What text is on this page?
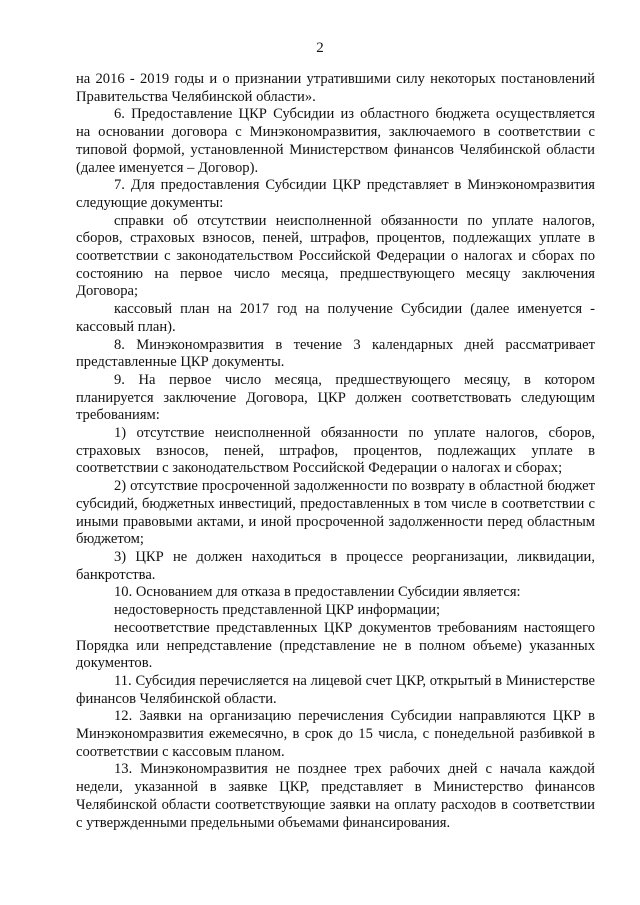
2

на 2016 - 2019 годы и о признании утратившими силу некоторых постановлений Правительства Челябинской области».

6. Предоставление ЦКР Субсидии из областного бюджета осуществляется на основании договора с Минэкономразвития, заключаемого в соответствии с типовой формой, установленной Министерством финансов Челябинской области (далее именуется – Договор).

7. Для предоставления Субсидии ЦКР представляет в Минэкономразвития следующие документы:

справки об отсутствии неисполненной обязанности по уплате налогов, сборов, страховых взносов, пеней, штрафов, процентов, подлежащих уплате в соответствии с законодательством Российской Федерации о налогах и сборах по состоянию на первое число месяца, предшествующего месяцу заключения Договора;

кассовый план на 2017 год на получение Субсидии (далее именуется - кассовый план).

8. Минэкономразвития в течение 3 календарных дней рассматривает представленные ЦКР документы.

9. На первое число месяца, предшествующего месяцу, в котором планируется заключение Договора, ЦКР должен соответствовать следующим требованиям:

1) отсутствие неисполненной обязанности по уплате налогов, сборов, страховых взносов, пеней, штрафов, процентов, подлежащих уплате в соответствии с законодательством Российской Федерации о налогах и сборах;

2) отсутствие просроченной задолженности по возврату в областной бюджет субсидий, бюджетных инвестиций, предоставленных в том числе в соответствии с иными правовыми актами, и иной просроченной задолженности перед областным бюджетом;

3) ЦКР не должен находиться в процессе реорганизации, ликвидации, банкротства.

10. Основанием для отказа в предоставлении Субсидии является:

недостоверность представленной ЦКР информации;

несоответствие представленных ЦКР документов требованиям настоящего Порядка или непредставление (представление не в полном объеме) указанных документов.

11. Субсидия перечисляется на лицевой счет ЦКР, открытый в Министерстве финансов Челябинской области.

12. Заявки на организацию перечисления Субсидии направляются ЦКР в Минэкономразвития ежемесячно, в срок до 15 числа, с понедельной разбивкой в соответствии с кассовым планом.

13. Минэкономразвития не позднее трех рабочих дней с начала каждой недели, указанной в заявке ЦКР, представляет в Министерство финансов Челябинской области соответствующие заявки на оплату расходов в соответствии с утвержденными предельными объемами финансирования.
